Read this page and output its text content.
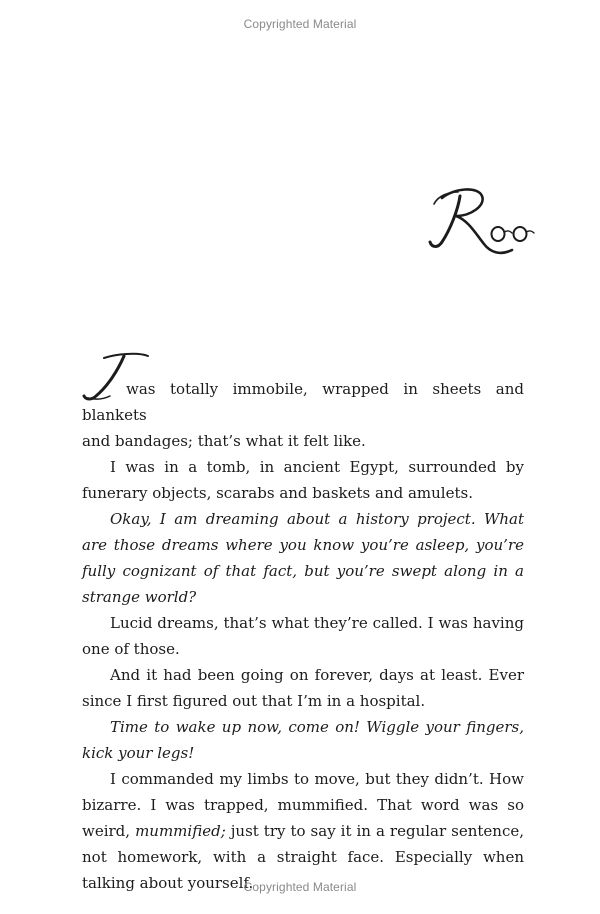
Copyrighted Material
Roo

I
was totally immobile, wrapped in sheets and blankets
and bandages; that’s what it felt like.

I was in a tomb, in ancient Egypt, surrounded by funerary objects, scarabs and baskets and amulets.

Okay, I am dreaming about a history project. What are those dreams where you know you’re asleep, you’re fully cognizant of that fact, but you’re swept along in a strange world?

Lucid dreams, that’s what they’re called. I was having one of those.

And it had been going on forever, days at least. Ever since I first figured out that I’m in a hospital.

Time to wake up now, come on! Wiggle your fingers, kick your legs!

I commanded my limbs to move, but they didn’t. How bizarre. I was trapped, mummified. That word was so weird, mummified; just try to say it in a regular sentence, not homework, with a straight face. Especially when talking about yourself.

Copyrighted Material
